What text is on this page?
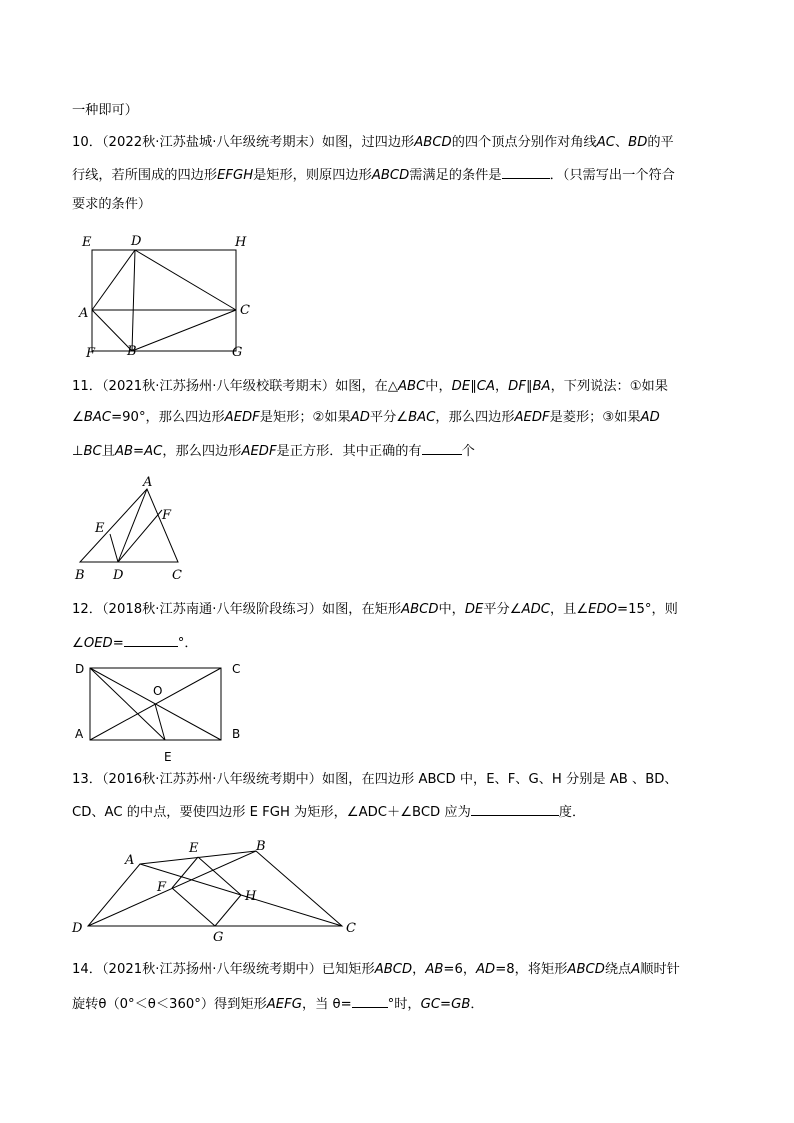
一种即可）
10．（2022秋·江苏盐城·八年级统考期末）如图，过四边形ABCD的四个顶点分别作对角线AC、BD的平
行线，若所围成的四边形EFGH是矩形，则原四边形ABCD需满足的条件是	．（只需写出一个符合
要求的条件）
E	D	H
A	C
F B	G
11．（2021秋·江苏扬州·八年级校联考期末）如图，在△ABC中，DE∥CA，DF∥BA，下列说法：①如果
∠BAC=90°，那么四边形AEDF是矩形；②如果AD平分∠BAC，那么四边形AEDF是菱形；③如果AD
⊥BC且AB=AC，那么四边形AEDF是正方形．其中正确的有	个
A
F
E
B D	C
12．（2018秋·江苏南通·八年级阶段练习）如图，在矩形ABCD中，DE平分∠ADC，且∠EDO=15°，则
∠OED=	°．
D	C
O
A	B
E
13．（2016秋·江苏苏州·八年级统考期中）如图，在四边形 ABCD 中，E、F、G、H 分别是 AB 、BD、
CD、AC 的中点，要使四边形 E FGH 为矩形，∠ADC＋∠BCD 应为	度．
E	B
A
F
H
D
G
C
14．（2021秋·江苏扬州·八年级统考期中）已知矩形ABCD，AB=6，AD=8，将矩形ABCD绕点A顺时针
旋转θ（0°＜θ＜360°）得到矩形AEFG，当 θ=	°时，GC=GB．
